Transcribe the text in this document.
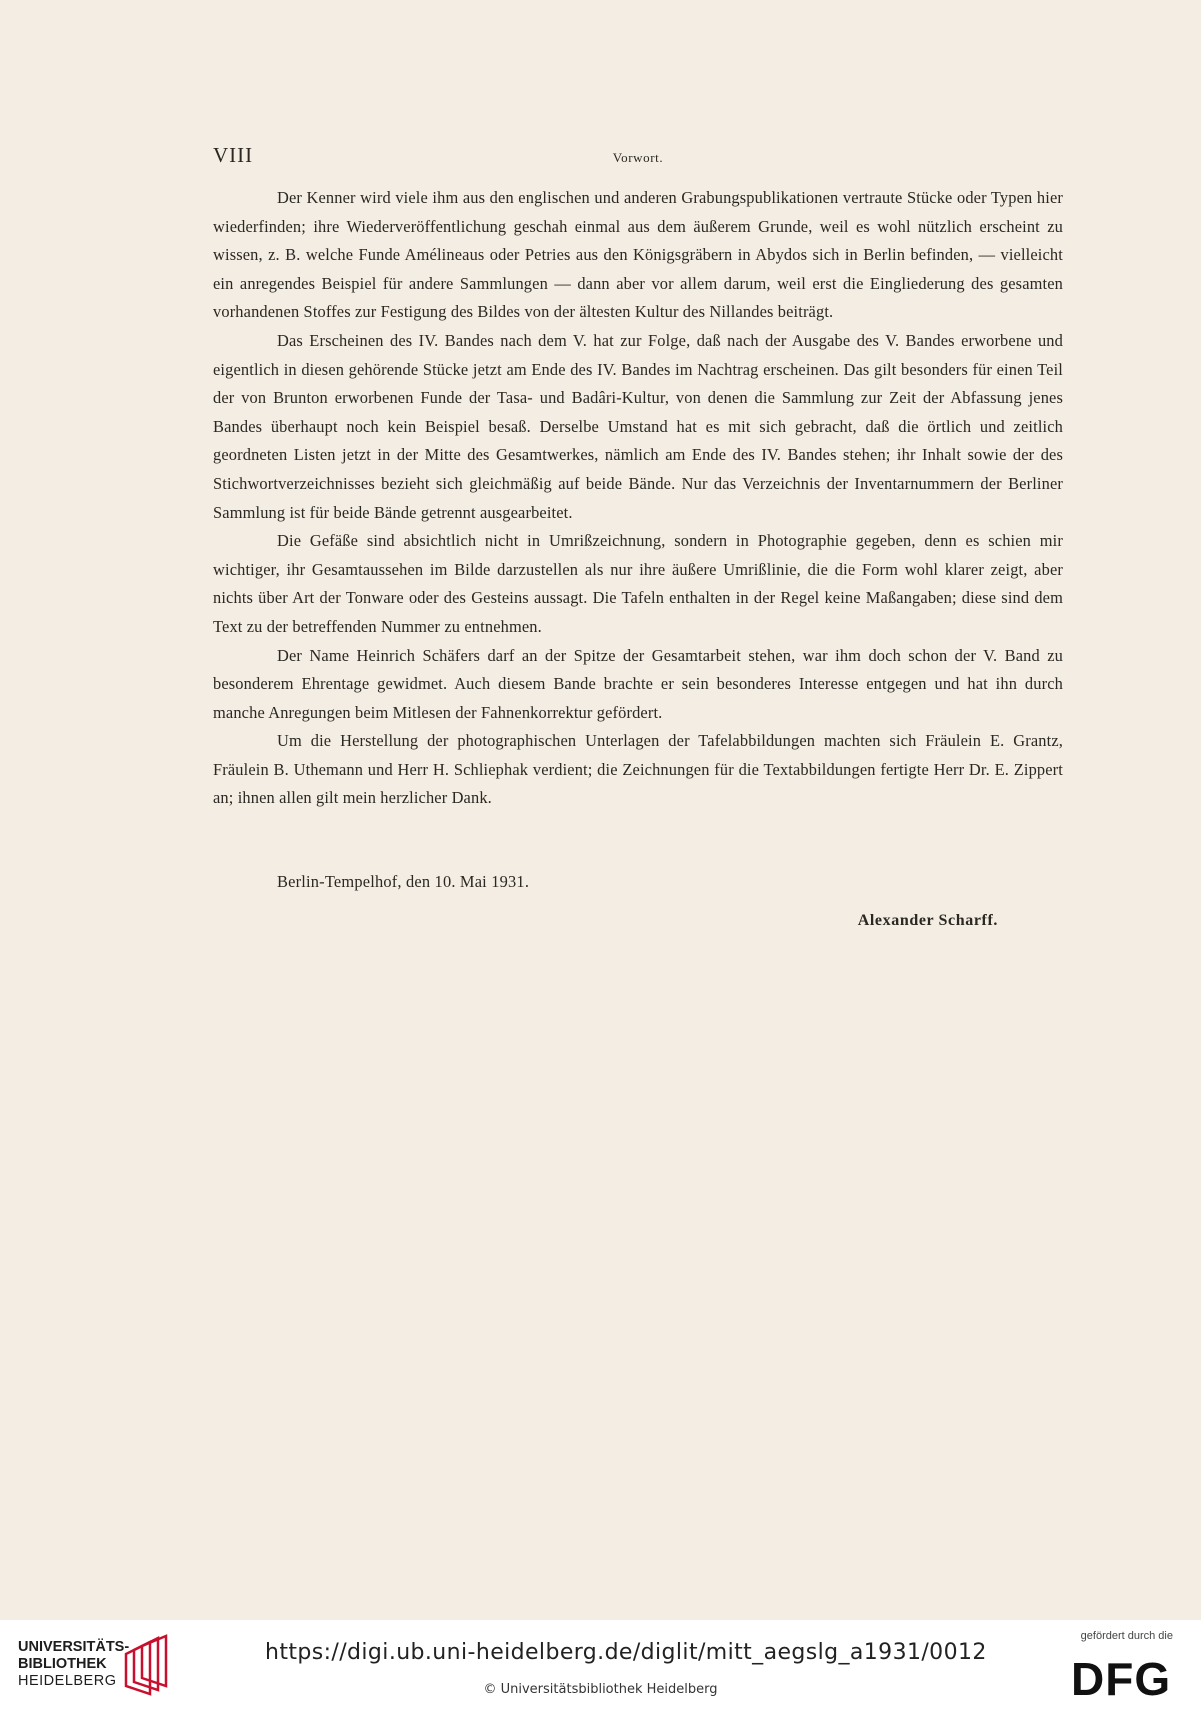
VIII	Vorwort.

Der Kenner wird viele ihm aus den englischen und anderen Grabungspublikationen vertraute Stücke oder Typen hier wiederfinden; ihre Wiederveröffentlichung geschah einmal aus dem äußerem Grunde, weil es wohl nützlich erscheint zu wissen, z. B. welche Funde Amélineaus oder Petries aus den Königsgräbern in Abydos sich in Berlin befinden, — vielleicht ein anregendes Beispiel für andere Sammlungen — dann aber vor allem darum, weil erst die Eingliederung des gesamten vorhandenen Stoffes zur Festigung des Bildes von der ältesten Kultur des Nillandes beiträgt.

Das Erscheinen des IV. Bandes nach dem V. hat zur Folge, daß nach der Ausgabe des V. Bandes erworbene und eigentlich in diesen gehörende Stücke jetzt am Ende des IV. Bandes im Nachtrag erscheinen. Das gilt besonders für einen Teil der von Brunton erworbenen Funde der Tasa- und Badâri-Kultur, von denen die Sammlung zur Zeit der Abfassung jenes Bandes überhaupt noch kein Beispiel besaß. Derselbe Umstand hat es mit sich gebracht, daß die örtlich und zeitlich geordneten Listen jetzt in der Mitte des Gesamtwerkes, nämlich am Ende des IV. Bandes stehen; ihr Inhalt sowie der des Stichwortverzeichnisses bezieht sich gleichmäßig auf beide Bände. Nur das Verzeichnis der Inventarnummern der Berliner Sammlung ist für beide Bände getrennt ausgearbeitet.

Die Gefäße sind absichtlich nicht in Umrißzeichnung, sondern in Photographie gegeben, denn es schien mir wichtiger, ihr Gesamtaussehen im Bilde darzustellen als nur ihre äußere Umrißlinie, die die Form wohl klarer zeigt, aber nichts über Art der Tonware oder des Gesteins aussagt. Die Tafeln enthalten in der Regel keine Maßangaben; diese sind dem Text zu der betreffenden Nummer zu entnehmen.

Der Name Heinrich Schäfers darf an der Spitze der Gesamtarbeit stehen, war ihm doch schon der V. Band zu besonderem Ehrentage gewidmet. Auch diesem Bande brachte er sein besonderes Interesse entgegen und hat ihn durch manche Anregungen beim Mitlesen der Fahnenkorrektur gefördert.

Um die Herstellung der photographischen Unterlagen der Tafelabbildungen machten sich Fräulein E. Grantz, Fräulein B. Uthemann und Herr H. Schliephak verdient; die Zeichnungen für die Textabbildungen fertigte Herr Dr. E. Zippert an; ihnen allen gilt mein herzlicher Dank.

Berlin-Tempelhof, den 10. Mai 1931.
Alexander Scharff.
UNIVERSITÄTS-
BIBLIOTHEK
HEIDELBERG
https://digi.ub.uni-heidelberg.de/diglit/mitt_aegslg_a1931/0012
© Universitätsbibliothek Heidelberg
gefördert durch die
DFG
